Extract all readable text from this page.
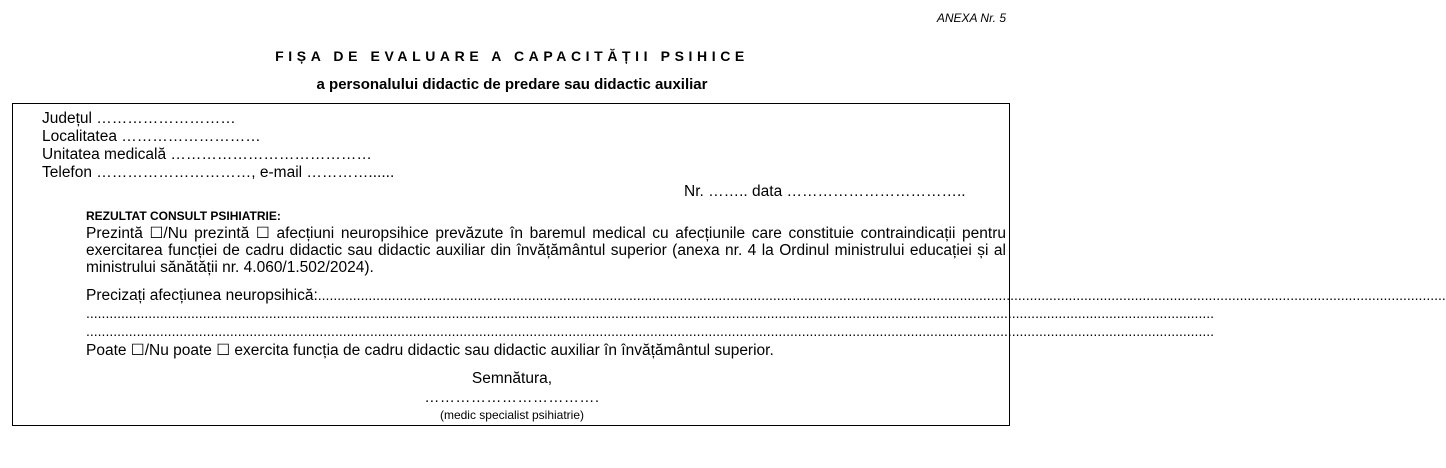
ANEXA Nr. 5
FIȘA DE EVALUARE A CAPACITĂȚII PSIHICE
a personalului didactic de predare sau didactic auxiliar
Județul ………………………
Localitatea ………………………
Unitatea medicală …………………………………
Telefon …………………………, e-mail …………......
Nr. …….. data ……………………………..
REZULTAT CONSULT PSIHIATRIE:
Prezintă ☐/Nu prezintă ☐ afecțiuni neuropsihice prevăzute în baremul medical cu afecțiunile care constituie contraindicații pentru exercitarea funcției de cadru didactic sau didactic auxiliar din învățământul superior (anexa nr. 4 la Ordinul ministrului educației și al ministrului sănătății nr. 4.060/1.502/2024).
Precizați afecțiunea neuropsihică:..................................................................................................................................................................................................................................................................................................
..................................................................................................................................................................................................................................................................................................
..................................................................................................................................................................................................................................................................................................
Poate ☐/Nu poate ☐ exercita funcția de cadru didactic sau didactic auxiliar în învățământul superior.
Semnătura,
…………………………….
(medic specialist psihiatrie)
